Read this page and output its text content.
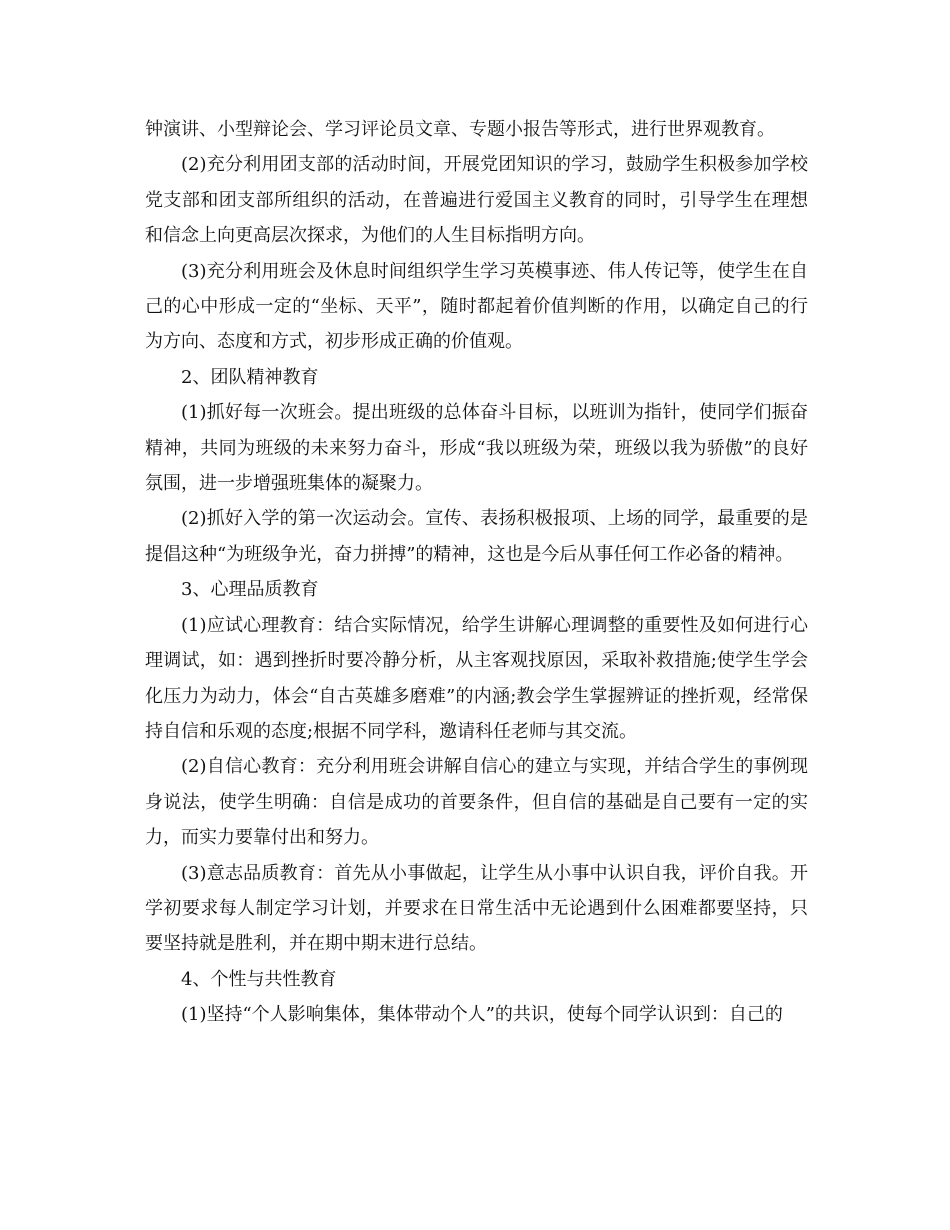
钟演讲、小型辩论会、学习评论员文章、专题小报告等形式，进行世界观教育。

(2)充分利用团支部的活动时间，开展党团知识的学习，鼓励学生积极参加学校党支部和团支部所组织的活动，在普遍进行爱国主义教育的同时，引导学生在理想和信念上向更高层次探求，为他们的人生目标指明方向。

(3)充分利用班会及休息时间组织学生学习英模事迹、伟人传记等，使学生在自己的心中形成一定的“坐标、天平”，随时都起着价值判断的作用，以确定自己的行为方向、态度和方式，初步形成正确的价值观。

2、团队精神教育

(1)抓好每一次班会。提出班级的总体奋斗目标，以班训为指针，使同学们振奋精神，共同为班级的未来努力奋斗，形成“我以班级为荣，班级以我为骄傲”的良好氛围，进一步增强班集体的凝聚力。

(2)抓好入学的第一次运动会。宣传、表扬积极报项、上场的同学，最重要的是提倡这种“为班级争光，奋力拼搏”的精神，这也是今后从事任何工作必备的精神。

3、心理品质教育

(1)应试心理教育：结合实际情况，给学生讲解心理调整的重要性及如何进行心理调试，如：遇到挫折时要冷静分析，从主客观找原因，采取补救措施;使学生学会化压力为动力，体会“自古英雄多磨难”的内涵;教会学生掌握辨证的挫折观，经常保持自信和乐观的态度;根据不同学科，邀请科任老师与其交流。

(2)自信心教育：充分利用班会讲解自信心的建立与实现，并结合学生的事例现身说法，使学生明确：自信是成功的首要条件，但自信的基础是自己要有一定的实力，而实力要靠付出和努力。

(3)意志品质教育：首先从小事做起，让学生从小事中认识自我，评价自我。开学初要求每人制定学习计划，并要求在日常生活中无论遇到什么困难都要坚持，只要坚持就是胜利，并在期中期末进行总结。

4、个性与共性教育

(1)坚持“个人影响集体，集体带动个人”的共识，使每个同学认识到：自己的
